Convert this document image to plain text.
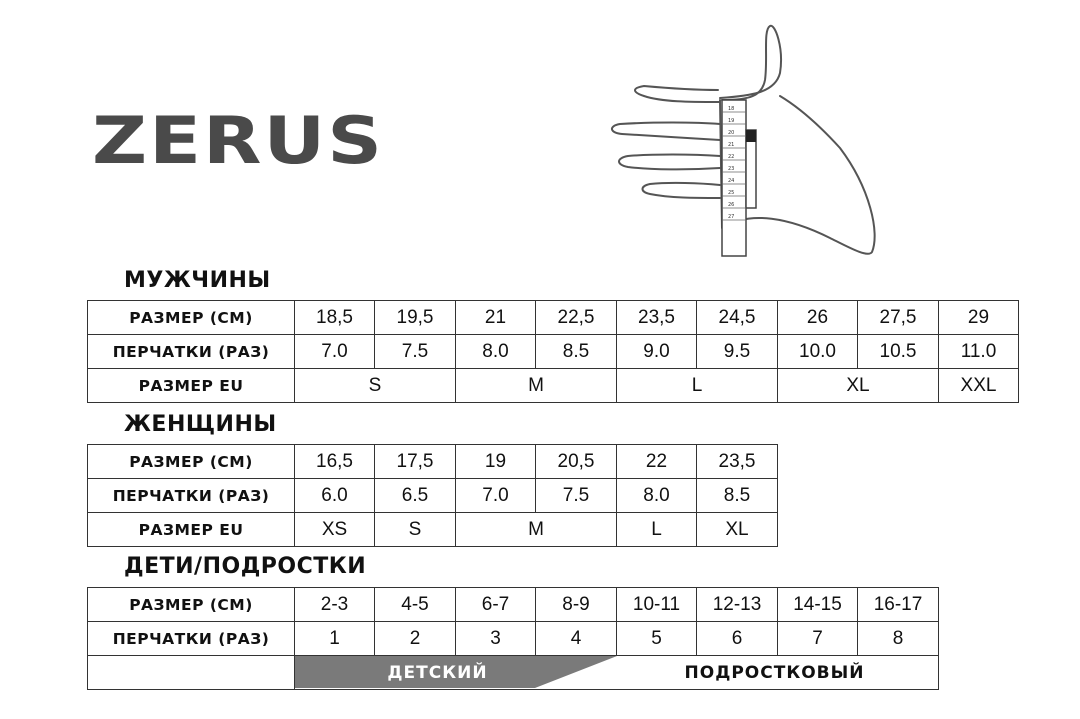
ZERUS	18
19
20
21
22
23
24
25
26
27
МУЖЧИНЫ
РАЗМЕР (СМ)	18,5	19,5	21	22,5	23,5	24,5	26	27,5	29
ПЕРЧАТКИ (РАЗ)	7.0	7.5	8.0	8.5	9.0	9.5	10.0	10.5	11.0
РАЗМЕР EU	S		M		L		XL		XXL
ЖЕНЩИНЫ
РАЗМЕР (СМ)	16,5	17,5	19	20,5	22	23,5
ПЕРЧАТКИ (РАЗ)	6.0	6.5	7.0	7.5	8.0	8.5
РАЗМЕР EU	XS	S	M		L	XL
ДЕТИ/ПОДРОСТКИ
РАЗМЕР (СМ)	2-3	4-5	6-7	8-9	10-11	12-13	14-15	16-17
ПЕРЧАТКИ (РАЗ)	1	2	3	4	5	6	7	8

ДЕТСКИЙ ПОДРОСТКОВЫЙ							
